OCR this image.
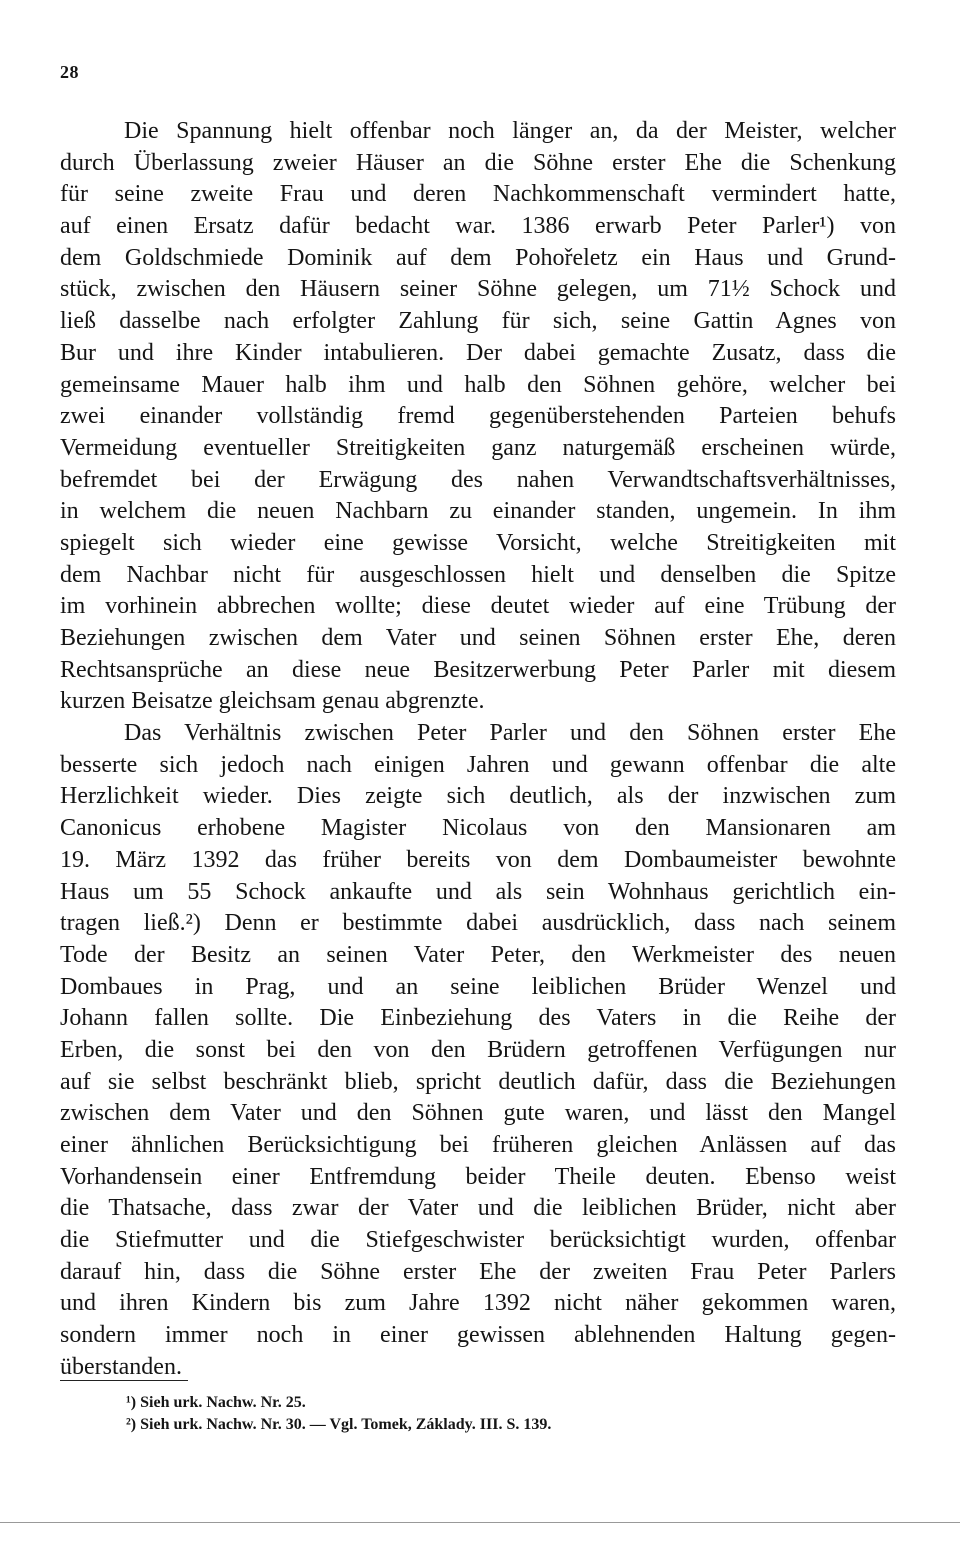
28
Die Spannung hielt offenbar noch länger an, da der Meister, welcher
durch Überlassung zweier Häuser an die Söhne erster Ehe die Schenkung
für seine zweite Frau und deren Nachkommenschaft vermindert hatte,
auf einen Ersatz dafür bedacht war. 1386 erwarb Peter Parler¹) von
dem Goldschmiede Dominik auf dem Pohořeletz ein Haus und Grund-
stück, zwischen den Häusern seiner Söhne gelegen, um 71½ Schock und
ließ dasselbe nach erfolgter Zahlung für sich, seine Gattin Agnes von
Bur und ihre Kinder intabulieren. Der dabei gemachte Zusatz, dass die
gemeinsame Mauer halb ihm und halb den Söhnen gehöre, welcher bei
zwei einander vollständig fremd gegenüberstehenden Parteien behufs
Vermeidung eventueller Streitigkeiten ganz naturgemäß erscheinen würde,
befremdet bei der Erwägung des nahen Verwandtschaftsverhältnisses,
in welchem die neuen Nachbarn zu einander standen, ungemein. In ihm
spiegelt sich wieder eine gewisse Vorsicht, welche Streitigkeiten mit
dem Nachbar nicht für ausgeschlossen hielt und denselben die Spitze
im vorhinein abbrechen wollte; diese deutet wieder auf eine Trübung der
Beziehungen zwischen dem Vater und seinen Söhnen erster Ehe, deren
Rechtsansprüche an diese neue Besitzerwerbung Peter Parler mit diesem
kurzen Beisatze gleichsam genau abgrenzte.
Das Verhältnis zwischen Peter Parler und den Söhnen erster Ehe
besserte sich jedoch nach einigen Jahren und gewann offenbar die alte
Herzlichkeit wieder. Dies zeigte sich deutlich, als der inzwischen zum
Canonicus erhobene Magister Nicolaus von den Mansionaren am
19. März 1392 das früher bereits von dem Dombaumeister bewohnte
Haus um 55 Schock ankaufte und als sein Wohnhaus gerichtlich ein-
tragen ließ.²) Denn er bestimmte dabei ausdrücklich, dass nach seinem
Tode der Besitz an seinen Vater Peter, den Werkmeister des neuen
Dombaues in Prag, und an seine leiblichen Brüder Wenzel und
Johann fallen sollte. Die Einbeziehung des Vaters in die Reihe der
Erben, die sonst bei den von den Brüdern getroffenen Verfügungen nur
auf sie selbst beschränkt blieb, spricht deutlich dafür, dass die Beziehungen
zwischen dem Vater und den Söhnen gute waren, und lässt den Mangel
einer ähnlichen Berücksichtigung bei früheren gleichen Anlässen auf das
Vorhandensein einer Entfremdung beider Theile deuten. Ebenso weist
die Thatsache, dass zwar der Vater und die leiblichen Brüder, nicht aber
die Stiefmutter und die Stiefgeschwister berücksichtigt wurden, offenbar
darauf hin, dass die Söhne erster Ehe der zweiten Frau Peter Parlers
und ihren Kindern bis zum Jahre 1392 nicht näher gekommen waren,
sondern immer noch in einer gewissen ablehnenden Haltung gegen-
überstanden.
¹) Sieh urk. Nachw. Nr. 25.
²) Sieh urk. Nachw. Nr. 30. — Vgl. Tomek, Základy. III. S. 139.
